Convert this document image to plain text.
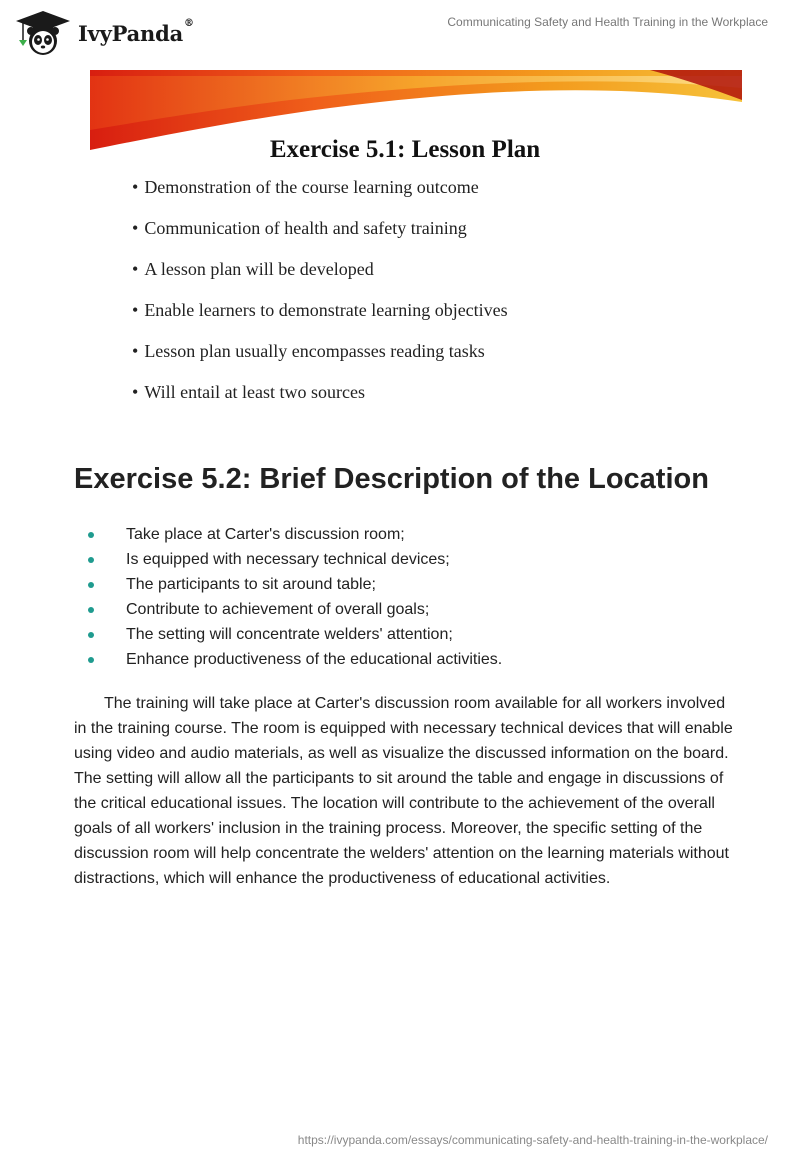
IvyPanda®	Communicating Safety and Health Training in the Workplace
Exercise 5.1: Lesson Plan
• Demonstration of the course learning outcome
• Communication of health and safety training
• A lesson plan will be developed
• Enable learners to demonstrate learning objectives
• Lesson plan usually encompasses reading tasks
• Will entail at least two sources
Exercise 5.2: Brief Description of the Location
Take place at Carter's discussion room;
Is equipped with necessary technical devices;
The participants to sit around table;
Contribute to achievement of overall goals;
The setting will concentrate welders' attention;
Enhance productiveness of the educational activities.

The training will take place at Carter's discussion room available for all workers involved in the training course. The room is equipped with necessary technical devices that will enable using video and audio materials, as well as visualize the discussed information on the board. The setting will allow all the participants to sit around the table and engage in discussions of the critical educational issues. The location will contribute to the achievement of the overall goals of all workers' inclusion in the training process. Moreover, the specific setting of the discussion room will help concentrate the welders' attention on the learning materials without distractions, which will enhance the productiveness of educational activities.

https://ivypanda.com/essays/communicating-safety-and-health-training-in-the-workplace/
